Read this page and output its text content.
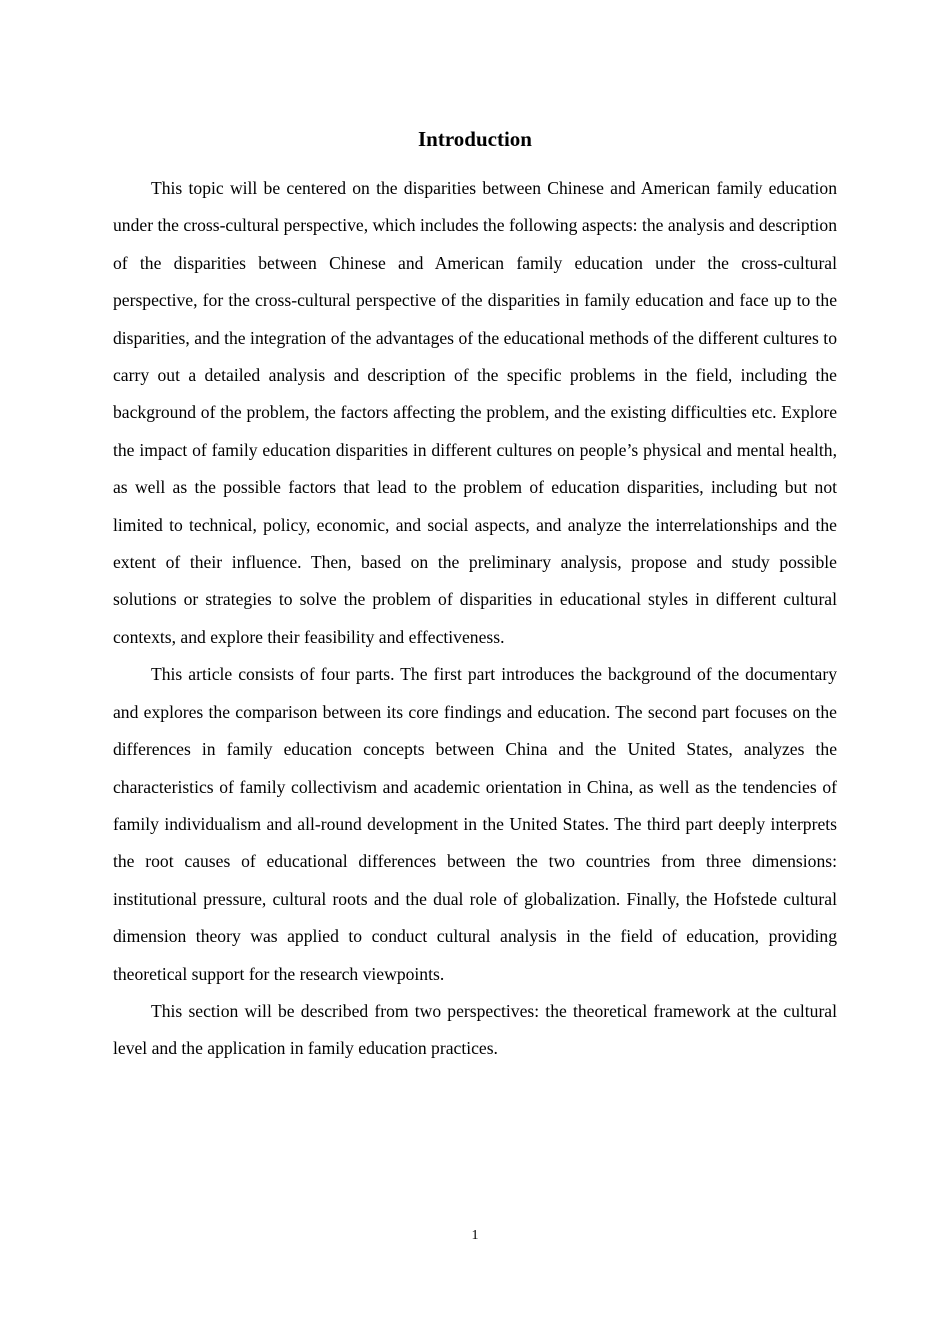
Introduction

This topic will be centered on the disparities between Chinese and American family education under the cross-cultural perspective, which includes the following aspects: the analysis and description of the disparities between Chinese and American family education under the cross-cultural perspective, for the cross-cultural perspective of the disparities in family education and face up to the disparities, and the integration of the advantages of the educational methods of the different cultures to carry out a detailed analysis and description of the specific problems in the field, including the background of the problem, the factors affecting the problem, and the existing difficulties etc. Explore the impact of family education disparities in different cultures on people’s physical and mental health, as well as the possible factors that lead to the problem of education disparities, including but not limited to technical, policy, economic, and social aspects, and analyze the interrelationships and the extent of their influence. Then, based on the preliminary analysis, propose and study possible solutions or strategies to solve the problem of disparities in educational styles in different cultural contexts, and explore their feasibility and effectiveness.

This article consists of four parts. The first part introduces the background of the documentary and explores the comparison between its core findings and education. The second part focuses on the differences in family education concepts between China and the United States, analyzes the characteristics of family collectivism and academic orientation in China, as well as the tendencies of family individualism and all-round development in the United States. The third part deeply interprets the root causes of educational differences between the two countries from three dimensions: institutional pressure, cultural roots and the dual role of globalization. Finally, the Hofstede cultural dimension theory was applied to conduct cultural analysis in the field of education, providing theoretical support for the research viewpoints.

This section will be described from two perspectives: the theoretical framework at the cultural level and the application in family education practices.

1
